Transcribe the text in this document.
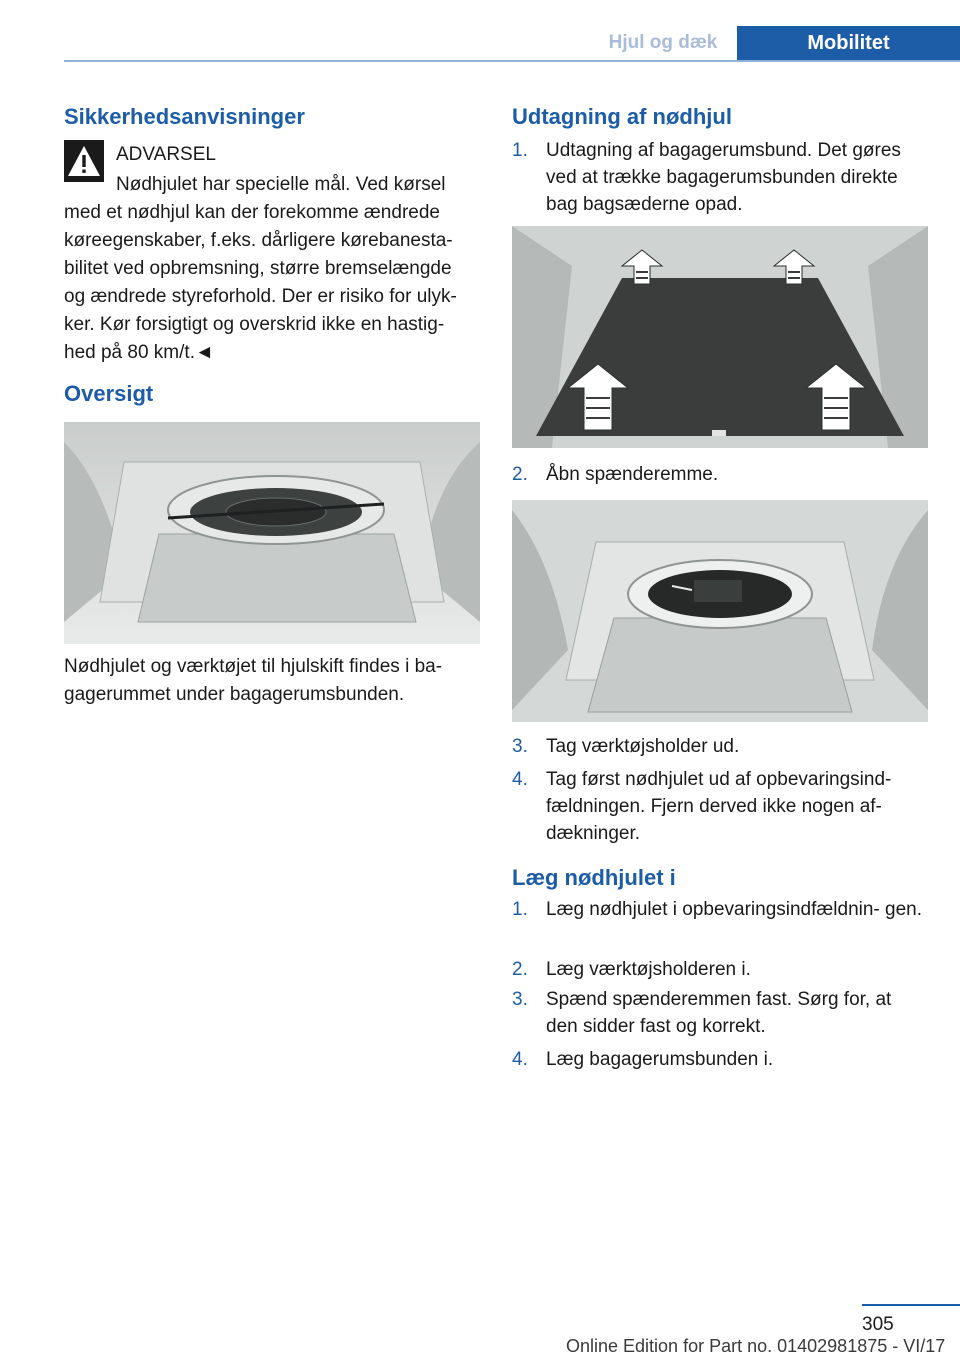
Hjul og dæk	Mobilitet
Sikkerhedsanvisninger

ADVARSEL

Nødhjulet har specielle mål. Ved kørsel

med et nødhjul kan der forekomme ændrede

køreegenskaber, f.eks. dårligere kørebanesta‐

bilitet ved opbremsning, større bremselængde

og ændrede styreforhold. Der er risiko for ulyk‐

ker. Kør forsigtigt og overskrid ikke en hastig‐

hed på 80 km/t.◄

Oversigt

Nødhjulet og værktøjet til hjulskift findes i ba‐

gagerummet under bagagerumsbunden.

Udtagning af nødhjul
1. Udtagning af bagagerumsbund. Det gøres ved at trække bagagerumsbunden direkte bag bagsæderne opad.
2. Åbn spænderemme.
3. Tag værktøjsholder ud.
4. Tag først nødhjulet ud af opbevaringsind‐ fældningen. Fjern derved ikke nogen af‐ dækninger.
Læg nødhjulet i
1. Læg nødhjulet i opbevaringsindfældnin‐ gen.
2. Læg værktøjsholderen i.
3. Spænd spænderemmen fast. Sørg for, at den sidder fast og korrekt.
4. Læg bagagerumsbunden i.
305
Online Edition for Part no. 01402981875 - VI/17
